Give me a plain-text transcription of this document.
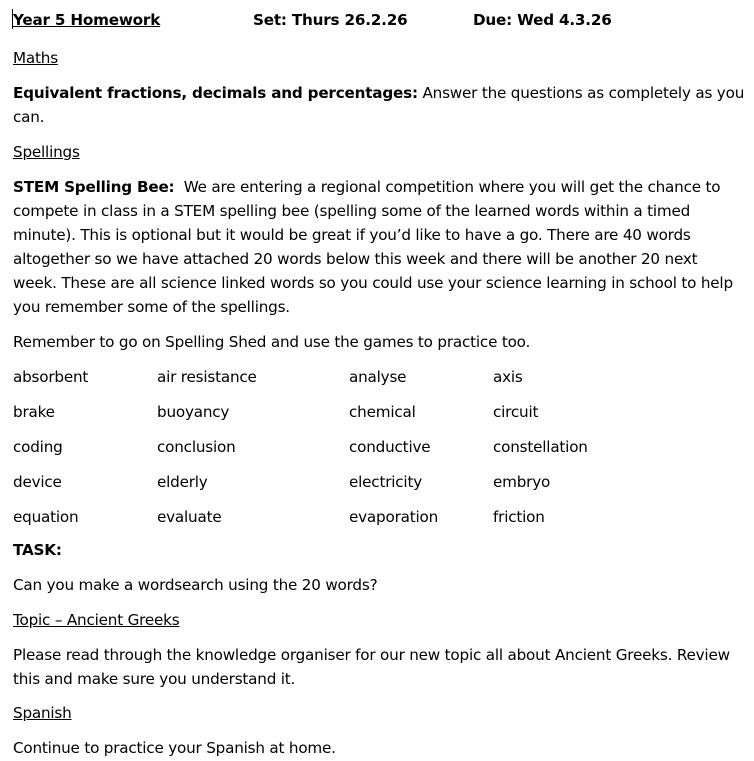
Year 5 Homework	Set: Thurs 26.2.26	Due: Wed 4.3.26
Maths

Equivalent fractions, decimals and percentages: Answer the questions as completely as you can.

Spellings

STEM Spelling Bee: We are entering a regional competition where you will get the chance to compete in class in a STEM spelling bee (spelling some of the learned words within a timed minute). This is optional but it would be great if you’d like to have a go. There are 40 words altogether so we have attached 20 words below this week and there will be another 20 next week. These are all science linked words so you could use your science learning in school to help you remember some of the spellings.

Remember to go on Spelling Shed and use the games to practice too.
absorbent	air resistance	analyse	axis
brake	buoyancy	chemical	circuit
coding	conclusion	conductive	constellation
device	elderly	electricity	embryo
equation	evaluate	evaporation	friction
TASK:
Can you make a wordsearch using the 20 words?
Topic – Ancient Greeks

Please read through the knowledge organiser for our new topic all about Ancient Greeks. Review this and make sure you understand it.

Spanish
Continue to practice your Spanish at home.
